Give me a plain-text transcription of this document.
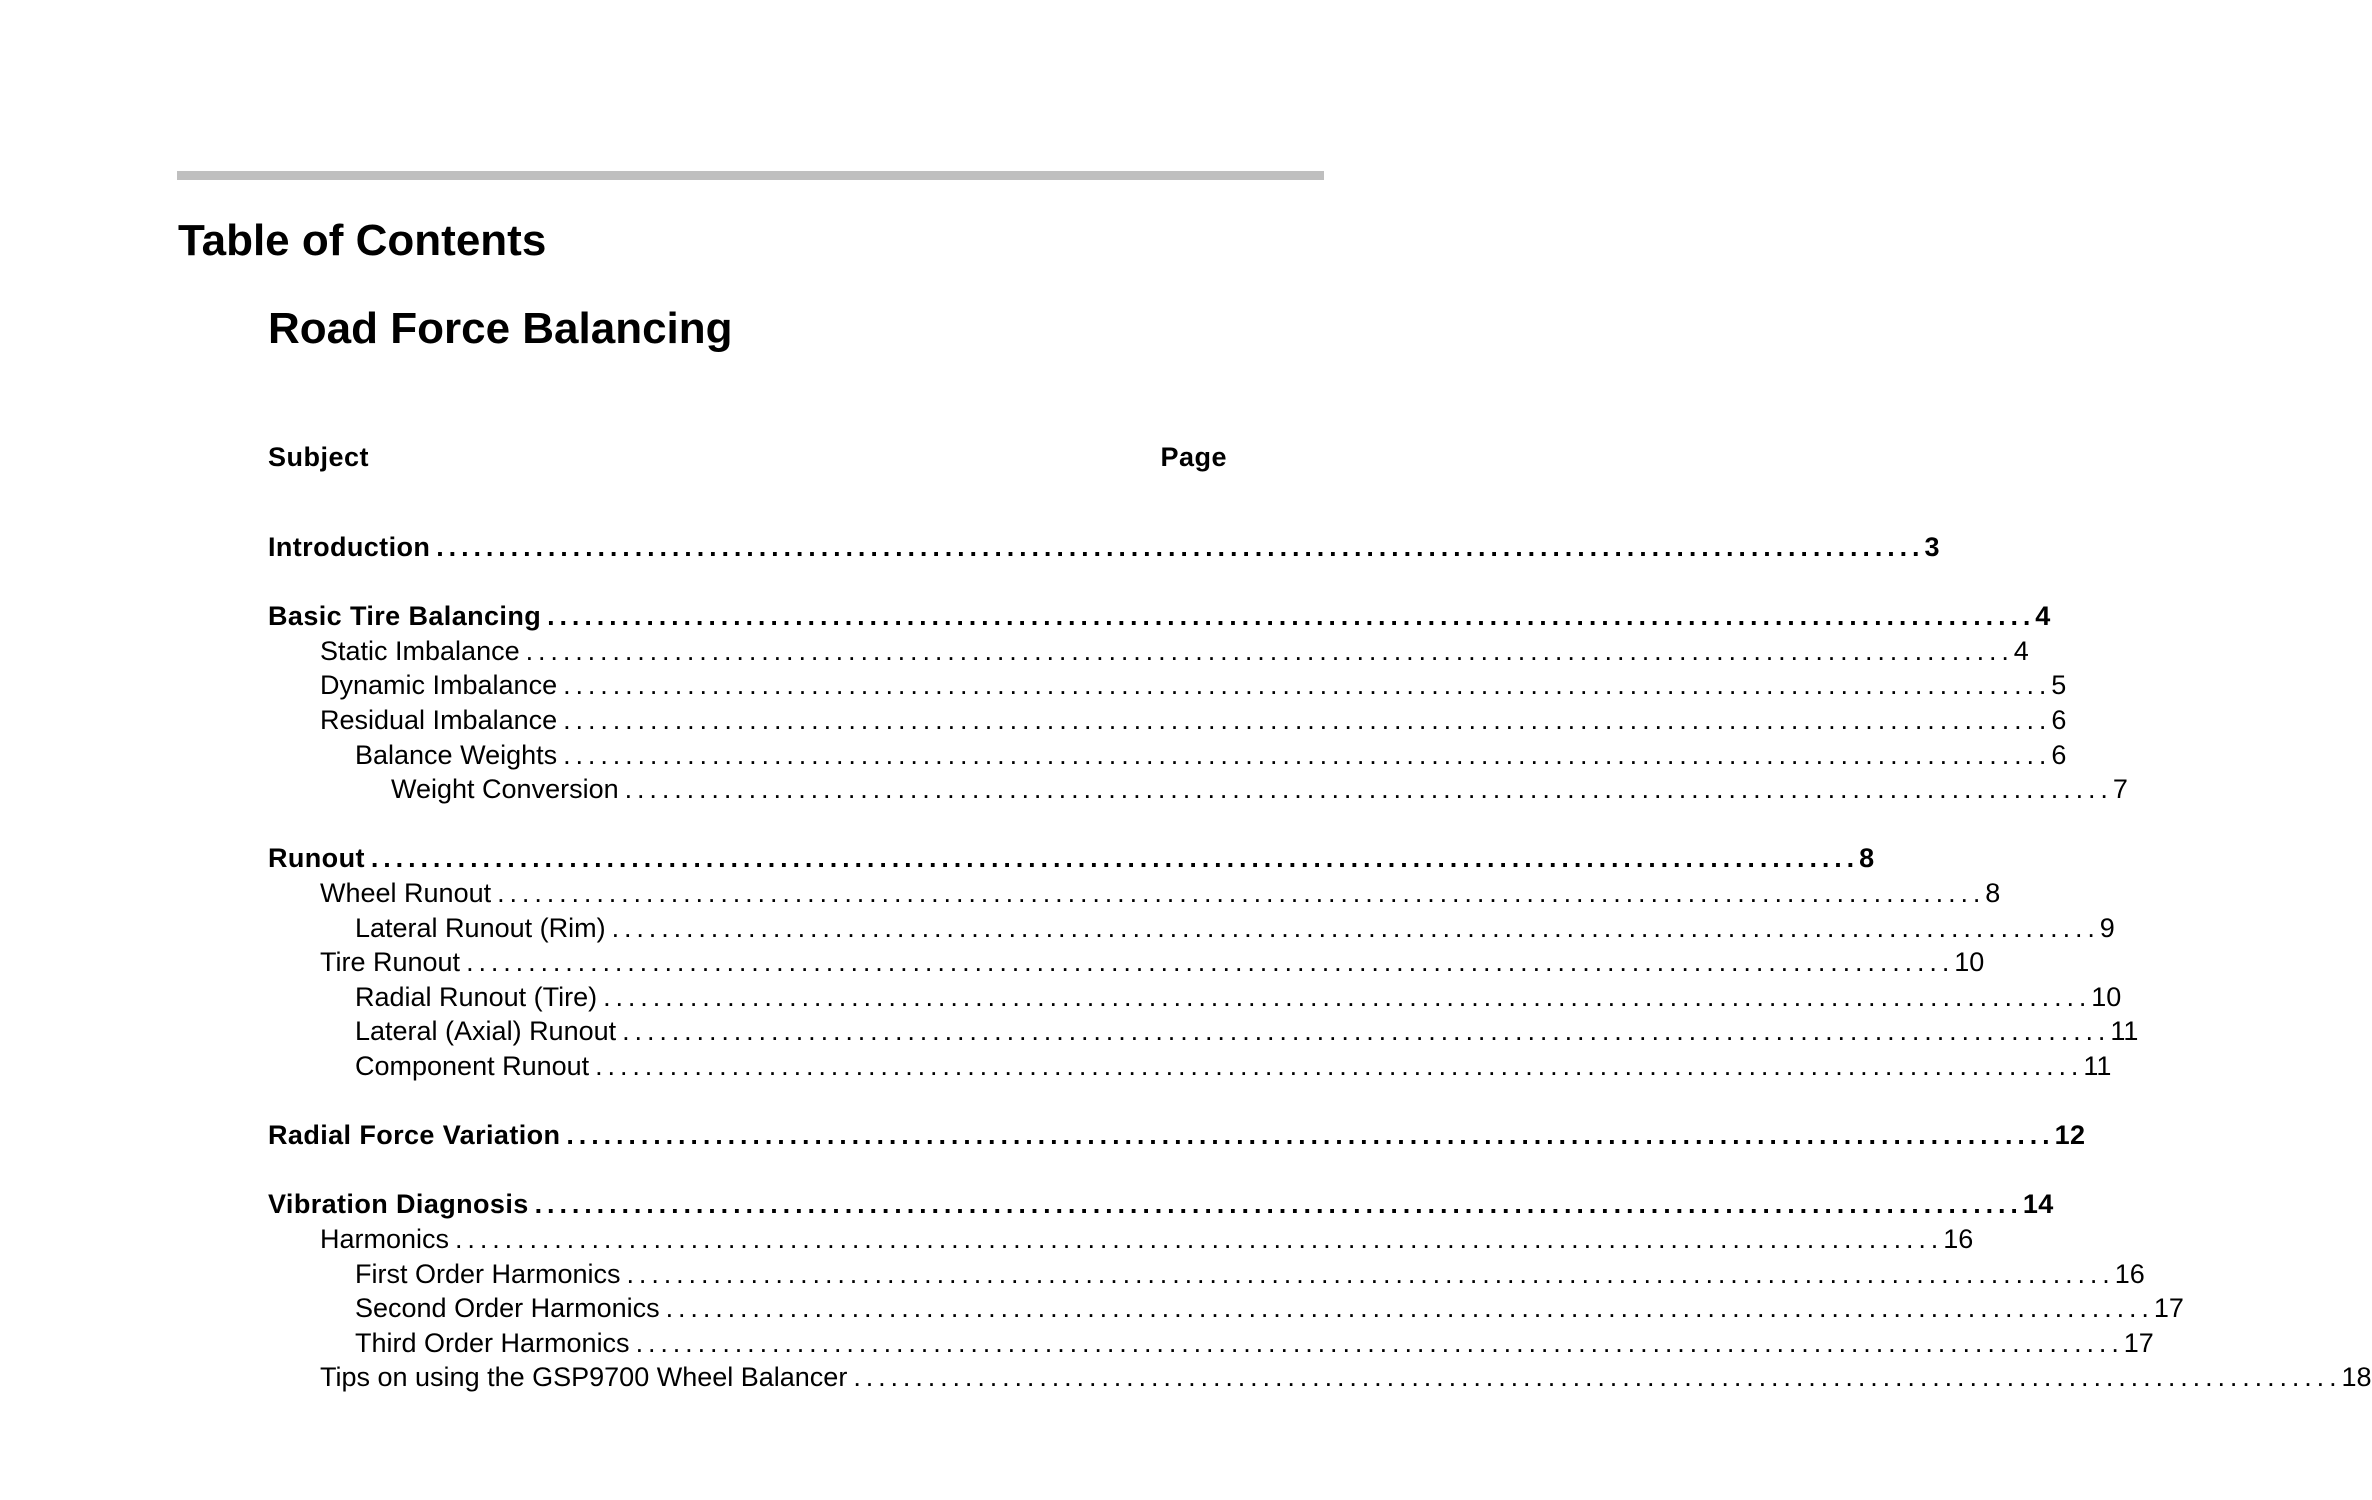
Table of Contents
Road Force Balancing
Subject	Page
Introduction ........................................................................................................................ 3
Basic Tire Balancing ........................................................................................................................ 4
Static Imbalance ........................................................................................................................ 4
Dynamic Imbalance ........................................................................................................................ 5
Residual Imbalance ........................................................................................................................ 6
Balance Weights ........................................................................................................................ 6
Weight Conversion ........................................................................................................................ 7
Runout ........................................................................................................................ 8
Wheel Runout ........................................................................................................................ 8
Lateral Runout (Rim) ........................................................................................................................ 9
Tire Runout ........................................................................................................................ 10
Radial Runout (Tire) ........................................................................................................................ 10
Lateral (Axial) Runout ........................................................................................................................ 11
Component Runout ........................................................................................................................ 11
Radial Force Variation ........................................................................................................................ 12
Vibration Diagnosis ........................................................................................................................ 14
Harmonics ........................................................................................................................ 16
First Order Harmonics ........................................................................................................................ 16
Second Order Harmonics ........................................................................................................................ 17
Third Order Harmonics ........................................................................................................................ 17
Tips on using the GSP9700 Wheel Balancer ........................................................................................................................ 18
